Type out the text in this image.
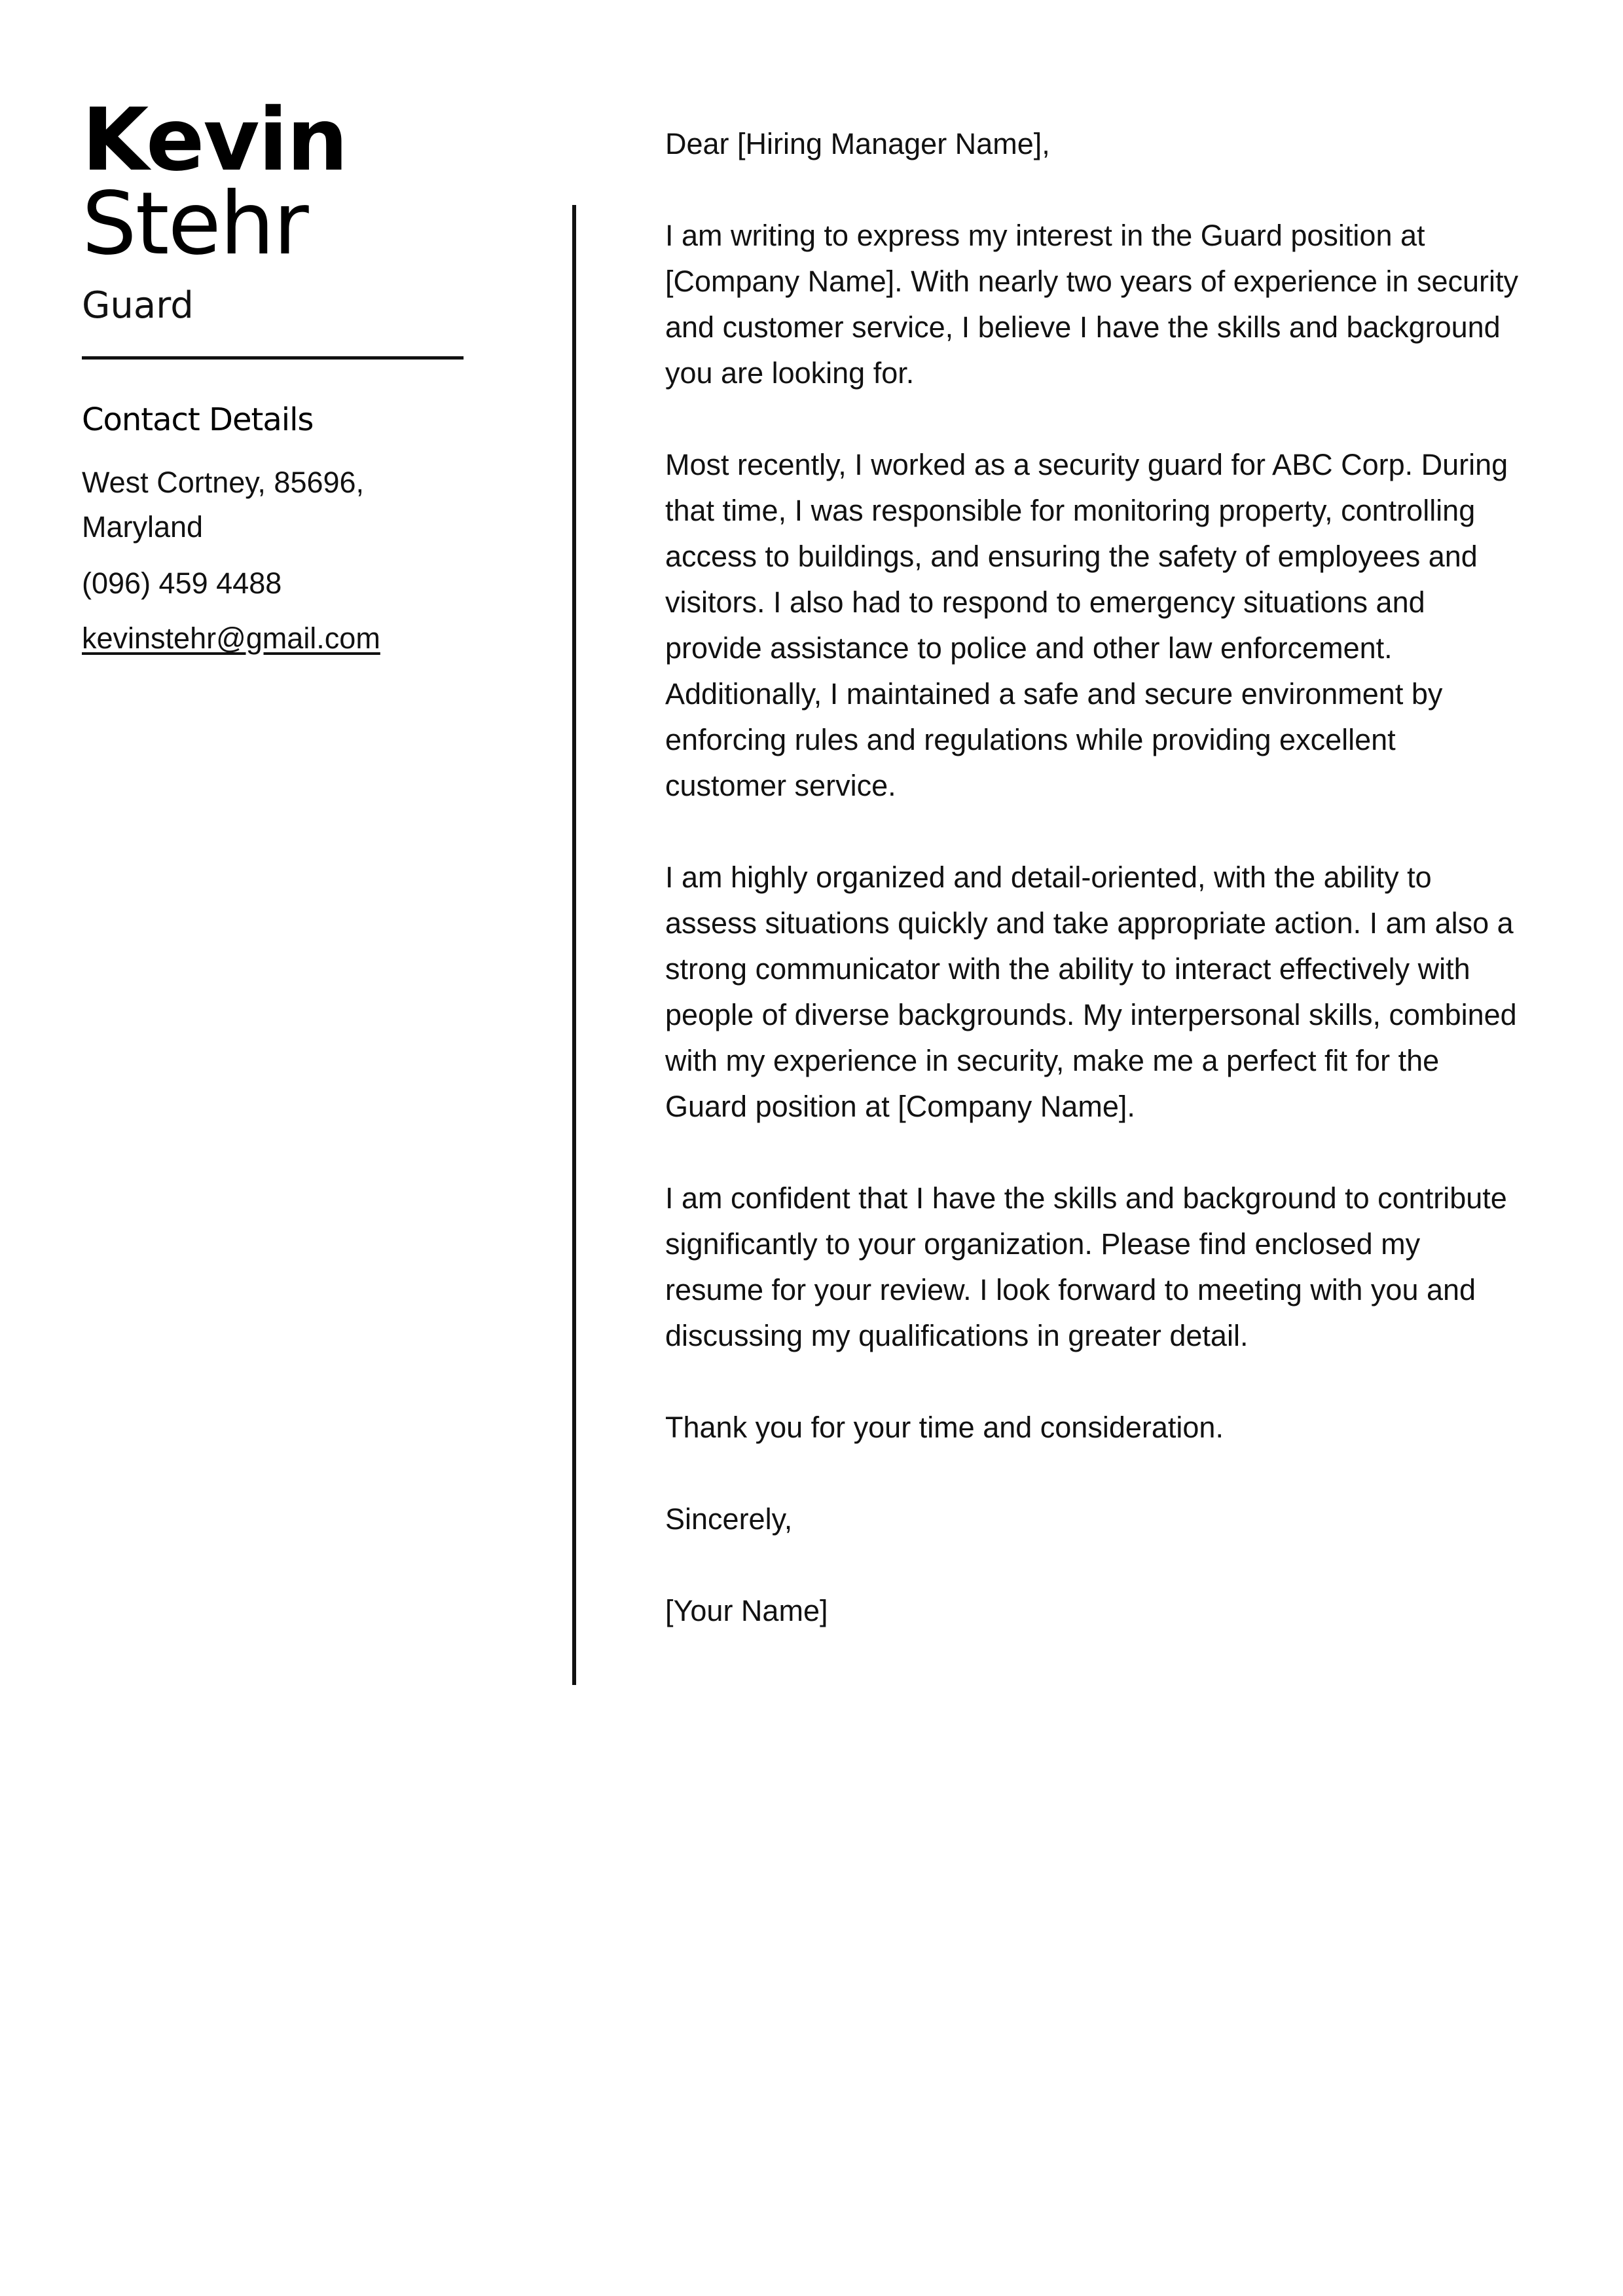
Kevin
Stehr
Guard
Contact Details
West Cortney, 85696, Maryland
(096) 459 4488
kevinstehr@gmail.com

Dear [Hiring Manager Name],

I am writing to express my interest in the Guard position at [Company Name]. With nearly two years of experience in security and customer service, I believe I have the skills and background you are looking for.

Most recently, I worked as a security guard for ABC Corp. During that time, I was responsible for monitoring property, controlling access to buildings, and ensuring the safety of employees and visitors. I also had to respond to emergency situations and provide assistance to police and other law enforcement. Additionally, I maintained a safe and secure environment by enforcing rules and regulations while providing excellent customer service.

I am highly organized and detail-oriented, with the ability to assess situations quickly and take appropriate action. I am also a strong communicator with the ability to interact effectively with people of diverse backgrounds. My interpersonal skills, combined with my experience in security, make me a perfect fit for the Guard position at [Company Name].

I am confident that I have the skills and background to contribute significantly to your organization. Please find enclosed my resume for your review. I look forward to meeting with you and discussing my qualifications in greater detail.

Thank you for your time and consideration.

Sincerely,

[Your Name]
